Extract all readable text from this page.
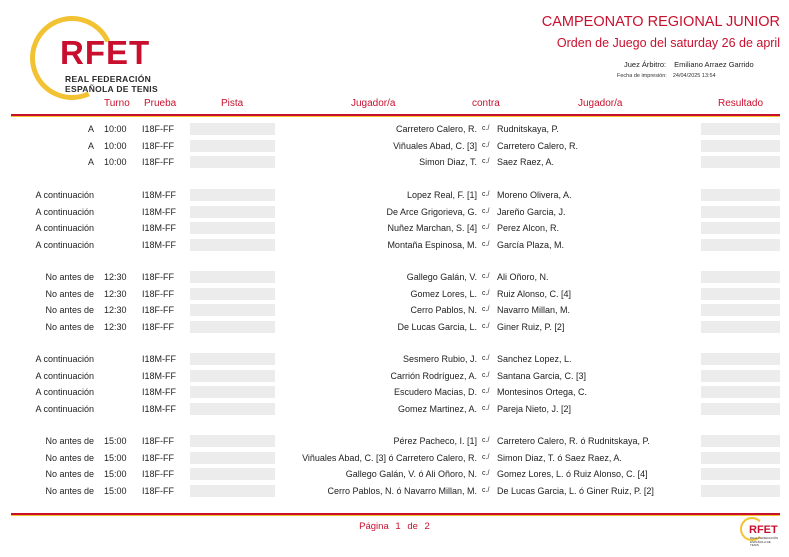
RFET
REAL FEDERACIÓN
ESPAÑOLA DE TENIS
CAMPEONATO REGIONAL JUNIOR
Orden de Juego del saturday 26 de april
Juez Árbitro: Emiliano Arraez Garrido
Fecha de impresión: 24/04/2025 13:54
Turno Prueba	Pista	Jugador/a	contra	Jugador/a	Resultado
A 10:00 I18F-FF	Carretero Calero, R. c./ Rudnitskaya, P.
A 10:00 I18F-FF	Viñuales Abad, C. [3] c./ Carretero Calero, R.
A 10:00 I18F-FF	Simon Diaz, T. c./ Saez Raez, A.
A continuación	I18M-FF	Lopez Real, F. [1] c./ Moreno Olivera, A.
A continuación	I18M-FF	De Arce Grigorieva, G. c./ Jareño Garcia, J.
A continuación	I18M-FF	Nuñez Marchan, S. [4] c./ Perez Alcon, R.
A continuación	I18M-FF	Montaña Espinosa, M. c./ García Plaza, M.
No antes de 12:30 I18F-FF	Gallego Galán, V. c./ Ali Oñoro, N.
No antes de 12:30 I18F-FF	Gomez Lores, L. c./ Ruiz Alonso, C. [4]
No antes de 12:30 I18F-FF	Cerro Pablos, N. c./ Navarro Millan, M.
No antes de 12:30 I18F-FF	De Lucas Garcia, L. c./ Giner Ruiz, P. [2]
A continuación	I18M-FF	Sesmero Rubio, J. c./ Sanchez Lopez, L.
A continuación	I18M-FF	Carrión Rodríguez, A. c./ Santana Garcia, C. [3]
A continuación	I18M-FF	Escudero Macias, D. c./ Montesinos Ortega, C.
A continuación	I18M-FF	Gomez Martinez, A. c./ Pareja Nieto, J. [2]
No antes de 15:00 I18F-FF	Pérez Pacheco, I. [1] c./ Carretero Calero, R. ó Rudnitskaya, P.
No antes de 15:00 I18F-FF	Viñuales Abad, C. [3] ó Carretero Calero, R. c./ Simon Diaz, T. ó Saez Raez, A.
No antes de 15:00 I18F-FF	Gallego Galán, V. ó Ali Oñoro, N. c./ Gomez Lores, L. ó Ruiz Alonso, C. [4]
No antes de 15:00 I18F-FF	Cerro Pablos, N. ó Navarro Millan, M. c./ De Lucas Garcia, L. ó Giner Ruiz, P. [2]
Página 1 de 2	RFET
REAL FEDERACIÓN
ESPAÑOLA DE TENIS
